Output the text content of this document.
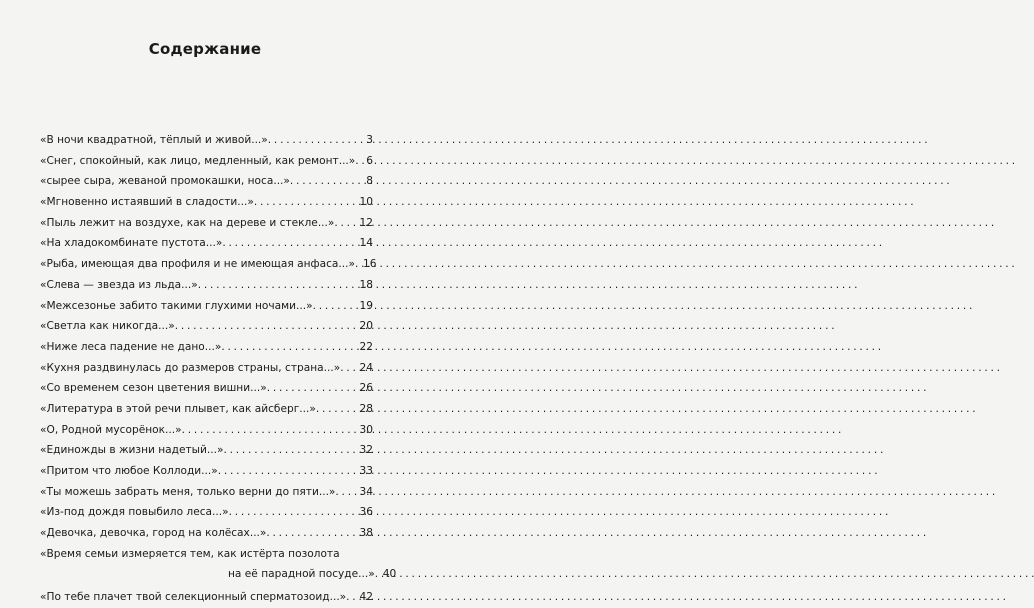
Содержание
«В ночи квадратной, тёплый и живой...» . . .	3
«Снег, спокойный, как лицо, медленный, как ремонт...» . . . 6
«сырее сыра, жеваной промокашки, носа...» . . .	8
«Мгновенно истаявший в сладости...» . . .	10
«Пыль лежит на воздухе, как на дереве и стекле...» . . . 12
«На хладокомбинате пустота...» . . .	14
«Рыба, имеющая два профиля и не имеющая анфаса...» . . . 16
«Слева — звезда из льда...» . . .	18
«Межсезонье забито такими глухими ночами...» . . .	19
«Светла как никогда...» . . .	20
«Ниже леса падение не дано...» . . .	22
«Кухня раздвинулась до размеров страны, страна...» . . . 24
«Со временем сезон цветения вишни...» . . .	26
«Литература в этой речи плывет, как айсберг...» . . .	28
«О, Родной мусорёнок...» . . .	30
«Единожды в жизни надетый...» . . .	32
«Притом что любое Коллоди...» . . .	33
«Ты можешь забрать меня, только верни до пяти...» . . . 34
«Из-под дождя повыбило леса...» . . .	36
«Девочка, девочка, город на колёсах...» . . .	38
«Время семьи измеряется тем, как истёрта позолота
на её парадной посуде...» . . . 40
«По тебе плачет твой селекционный сперматозоид...» . . . 42
